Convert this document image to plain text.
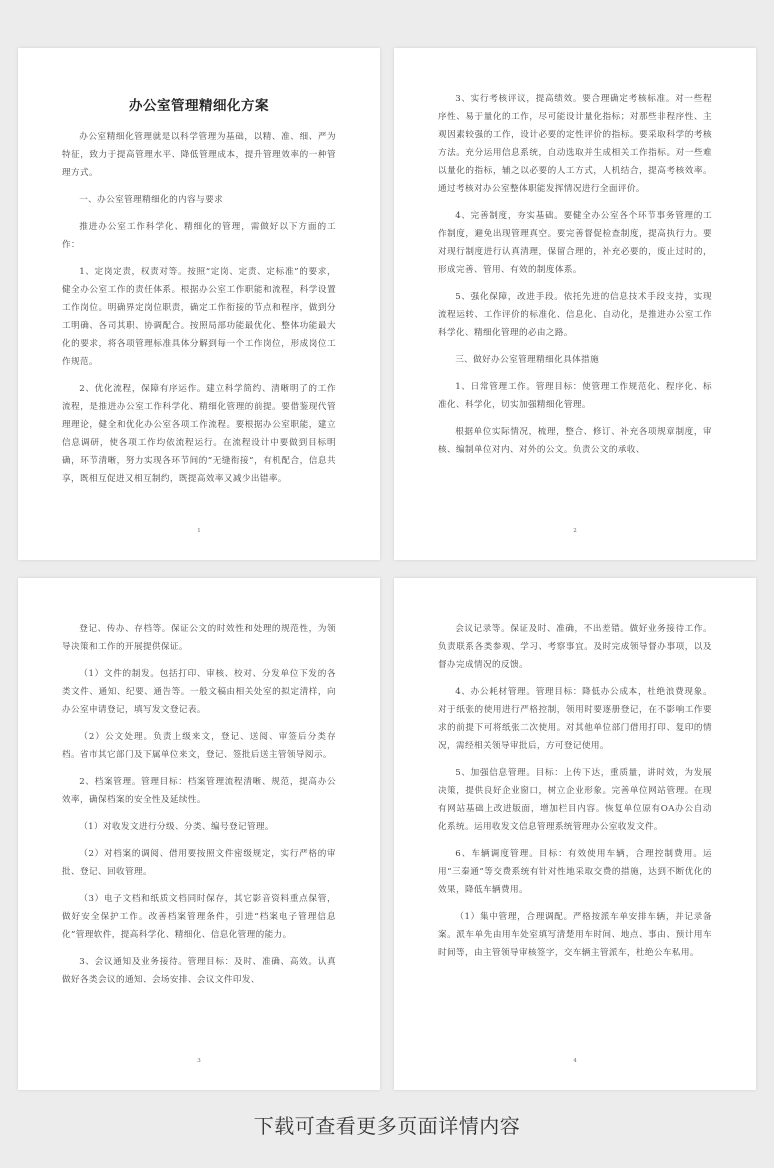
办公室管理精细化方案

办公室精细化管理就是以科学管理为基础，以精、准、细、严为特征，致力于提高管理水平、降低管理成本，提升管理效率的一种管理方式。

一、办公室管理精细化的内容与要求

推进办公室工作科学化、精细化的管理，需做好以下方面的工作：

1、定岗定责，权责对等。按照“定岗、定责、定标准”的要求，健全办公室工作的责任体系。根据办公室工作职能和流程，科学设置工作岗位。明确界定岗位职责，确定工作衔接的节点和程序，做到分工明确、各司其职、协调配合。按照局部功能最优化、整体功能最大化的要求，将各项管理标准具体分解到每一个工作岗位，形成岗位工作规范。

2、优化流程，保障有序运作。建立科学简约、清晰明了的工作流程，是推进办公室工作科学化、精细化管理的前提。要借鉴现代管理理论，健全和优化办公室各项工作流程。要根据办公室职能，建立信息调研，使各项工作均依流程运行。在流程设计中要做到目标明确，环节清晰，努力实现各环节间的“无缝衔接”，有机配合，信息共享，既相互促进又相互制约，既提高效率又减少出错率。

1

3、实行考核评议，提高绩效。要合理确定考核标准。对一些程序性、易于量化的工作，尽可能设计量化指标；对那些非程序性、主观因素较强的工作，设计必要的定性评价的指标。要采取科学的考核方法。充分运用信息系统，自动选取并生成相关工作指标。对一些难以量化的指标，辅之以必要的人工方式，人机结合，提高考核效率。通过考核对办公室整体职能发挥情况进行全面评价。

4、完善制度，夯实基础。要健全办公室各个环节事务管理的工作制度，避免出现管理真空。要完善督促检查制度，提高执行力。要对现行制度进行认真清理，保留合理的，补充必要的，废止过时的，形成完善、管用、有效的制度体系。

5、强化保障，改进手段。依托先进的信息技术手段支持，实现流程运转、工作评价的标准化、信息化、自动化，是推进办公室工作科学化、精细化管理的必由之路。

三、做好办公室管理精细化具体措施

1、日常管理工作。管理目标：使管理工作规范化、程序化、标准化、科学化，切实加强精细化管理。

根据单位实际情况，梳理，整合、修订、补充各项规章制度，审核、编制单位对内、对外的公文。负责公文的承收、

2

登记、传办、存档等。保证公文的时效性和处理的规范性，为领导决策和工作的开展提供保证。

（1）文件的制发。包括打印、审核、校对、分发单位下发的各类文件、通知、纪要、通告等。一般文稿由相关处室的拟定清样，向办公室申请登记，填写发文登记表。

（2）公文处理。负责上级来文，登记、送阅、审签后分类存档。省市其它部门及下属单位来文，登记、签批后送主管领导阅示。

2、档案管理。管理目标：档案管理流程清晰、规范，提高办公效率，确保档案的安全性及延续性。

（1）对收发文进行分级、分类、编号登记管理。

（2）对档案的调阅、借用要按照文件密级规定，实行严格的审批、登记、回收管理。

（3）电子文档和纸质文档同时保存，其它影音资料重点保管，做好安全保护工作。改善档案管理条件，引进“档案电子管理信息化”管理软件，提高科学化、精细化、信息化管理的能力。

3、会议通知及业务接待。管理目标：及时、准确、高效。认真做好各类会议的通知、会场安排、会议文件印发、

3

会议记录等。保证及时、准确，不出差错。做好业务接待工作。负责联系各类参观、学习、考察事宜。及时完成领导督办事项，以及督办完成情况的反馈。

4、办公耗材管理。管理目标：降低办公成本，杜绝浪费现象。对于纸张的使用进行严格控制，领用时要逐册登记，在不影响工作要求的前提下可将纸张二次使用。对其他单位部门借用打印、复印的情况，需经相关领导审批后，方可登记使用。

5、加强信息管理。目标：上传下达，重质量，讲时效，为发展决策，提供良好企业窗口，树立企业形象。完善单位网站管理。在现有网站基础上改进版面，增加栏目内容。恢复单位原有OA办公自动化系统。运用收发文信息管理系统管理办公室收发文件。

6、车辆调度管理。目标：有效使用车辆，合理控制费用。运用“三秦通”等交费系统有针对性地采取交费的措施，达到不断优化的效果，降低车辆费用。

（1）集中管理，合理调配。严格按派车单安排车辆，并记录备案。派车单先由用车处室填写清楚用车时间、地点、事由、预计用车时间等，由主管领导审核签字，交车辆主管派车，杜绝公车私用。

4
下载可查看更多页面详情内容
